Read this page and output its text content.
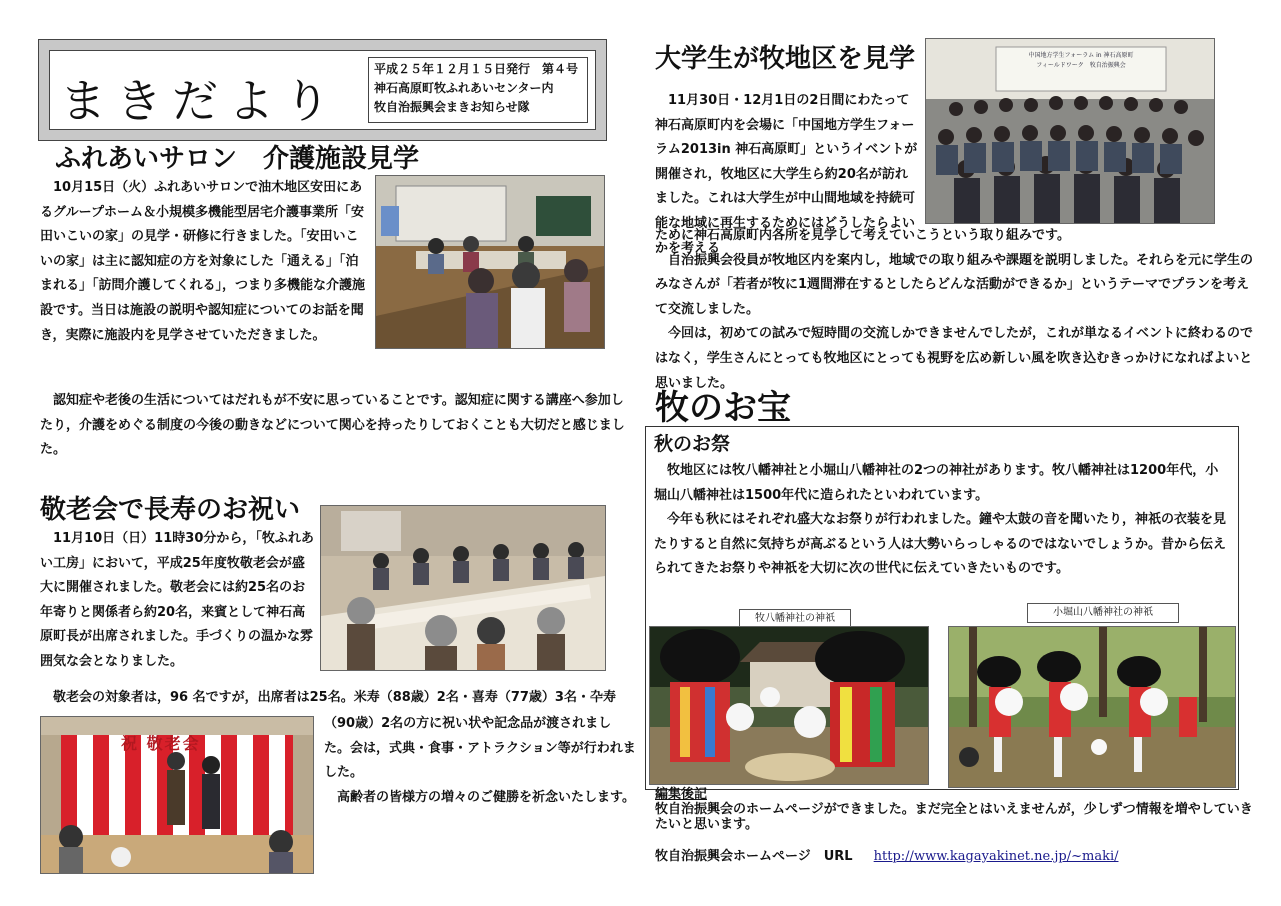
まきだより
平成２５年１２月１５日発行　第４号
神石高原町牧ふれあいセンター内
牧自治振興会まきお知らせ隊
ふれあいサロン　介護施設見学

10月15日（火）ふれあいサロンで油木地区安田にあるグループホーム＆小規模多機能型居宅介護事業所「安田いこいの家」の見学・研修に行きました。「安田いこいの家」は主に認知症の方を対象にした「通える」「泊まれる」「訪問介護してくれる」，つまり多機能な介護施設です。当日は施設の説明や認知症についてのお話を聞き，実際に施設内を見学させていただきました。

認知症や老後の生活についてはだれもが不安に思っていることです。認知症に関する講座へ参加したり，介護をめぐる制度の今後の動きなどについて関心を持ったりしておくことも大切だと感じました。

敬老会で長寿のお祝い

11月10日（日）11時30分から，「牧ふれあい工房」において，平成25年度牧敬老会が盛大に開催されました。敬老会には約25名のお年寄りと関係者ら約20名，来賓として神石高原町長が出席されました。手づくりの温かな雰囲気な会となりました。

敬老会の対象者は，96 名ですが，出席者は25名。米寿（88歳）2名・喜寿（77歳）3名・卆寿

祝 敬老会

（90歳）2名の方に祝い状や記念品が渡されました。会は，式典・食事・アトラクション等が行われました。

高齢者の皆様方の増々のご健勝を祈念いたします。

大学生が牧地区を見学	中国地方学生フォーラム in 神石高原町
フィールドワーク　牧自治振興会

11月30日・12月1日の2日間にわたって神石高原町内を会場に「中国地方学生フォーラム2013in 神石高原町」というイベントが開催され，牧地区に大学生ら約20名が訪れました。これは大学生が中山間地域を持続可能な地域に再生するためにはどうしたらよいかを考える

ために神石高原町内各所を見学して考えていこうという取り組みです。

自治振興会役員が牧地区内を案内し，地域での取り組みや課題を説明しました。それらを元に学生のみなさんが「若者が牧に1週間滞在するとしたらどんな活動ができるか」というテーマでプランを考えて交流しました。

今回は，初めての試みで短時間の交流しかできませんでしたが，これが単なるイベントに終わるのではなく，学生さんにとっても牧地区にとっても視野を広め新しい風を吹き込むきっかけになればよいと思いました。

牧のお宝
秋のお祭

牧地区には牧八幡神社と小堀山八幡神社の2つの神社があります。牧八幡神社は1200年代，小堀山八幡神社は1500年代に造られたといわれています。

今年も秋にはそれぞれ盛大なお祭りが行われました。鐘や太鼓の音を聞いたり，神祇の衣装を見たりすると自然に気持ちが高ぶるという人は大勢いらっしゃるのではないでしょうか。昔から伝えられてきたお祭りや神祇を大切に次の世代に伝えていきたいものです。

牧八幡神社の神祇
小堀山八幡神社の神祇
編集後記
牧自治振興会のホームページができました。まだ完全とはいえませんが，少しずつ情報を増やしていきたいと思います。
牧自治振興会ホームページ　URL http://www.kagayakinet.ne.jp/~maki/
